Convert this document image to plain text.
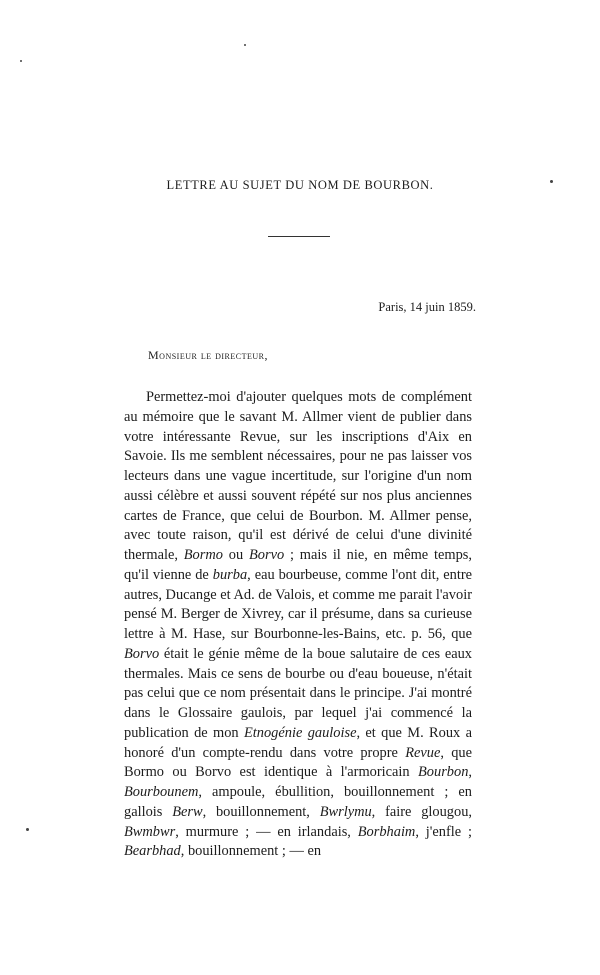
LETTRE AU SUJET DU NOM DE BOURBON.
Paris, 14 juin 1859.
Monsieur le directeur,

Permettez-moi d'ajouter quelques mots de complément au mémoire que le savant M. Allmer vient de publier dans votre intéressante Revue, sur les inscriptions d'Aix en Savoie. Ils me semblent nécessaires, pour ne pas laisser vos lecteurs dans une vague incertitude, sur l'origine d'un nom aussi célèbre et aussi souvent répété sur nos plus anciennes cartes de France, que celui de Bourbon. M. Allmer pense, avec toute raison, qu'il est dérivé de celui d'une divinité thermale, Bormo ou Borvo ; mais il nie, en même temps, qu'il vienne de burba, eau bourbeuse, comme l'ont dit, entre autres, Ducange et Ad. de Valois, et comme me parait l'avoir pensé M. Berger de Xivrey, car il présume, dans sa curieuse lettre à M. Hase, sur Bourbonne-les-Bains, etc. p. 56, que Borvo était le génie même de la boue salutaire de ces eaux thermales. Mais ce sens de bourbe ou d'eau boueuse, n'était pas celui que ce nom présentait dans le principe. J'ai montré dans le Glossaire gaulois, par lequel j'ai commencé la publication de mon Etnogénie gauloise, et que M. Roux a honoré d'un compte-rendu dans votre propre Revue, que Bormo ou Borvo est identique à l'armoricain Bourbon, Bourbounem, ampoule, ébullition, bouillonnement ; en gallois Berw, bouillonnement, Bwrlymu, faire glougou, Bwmbwr, murmure ; — en irlandais, Borbhaim, j'enfle ; Bearbhad, bouillonnement ; — en
